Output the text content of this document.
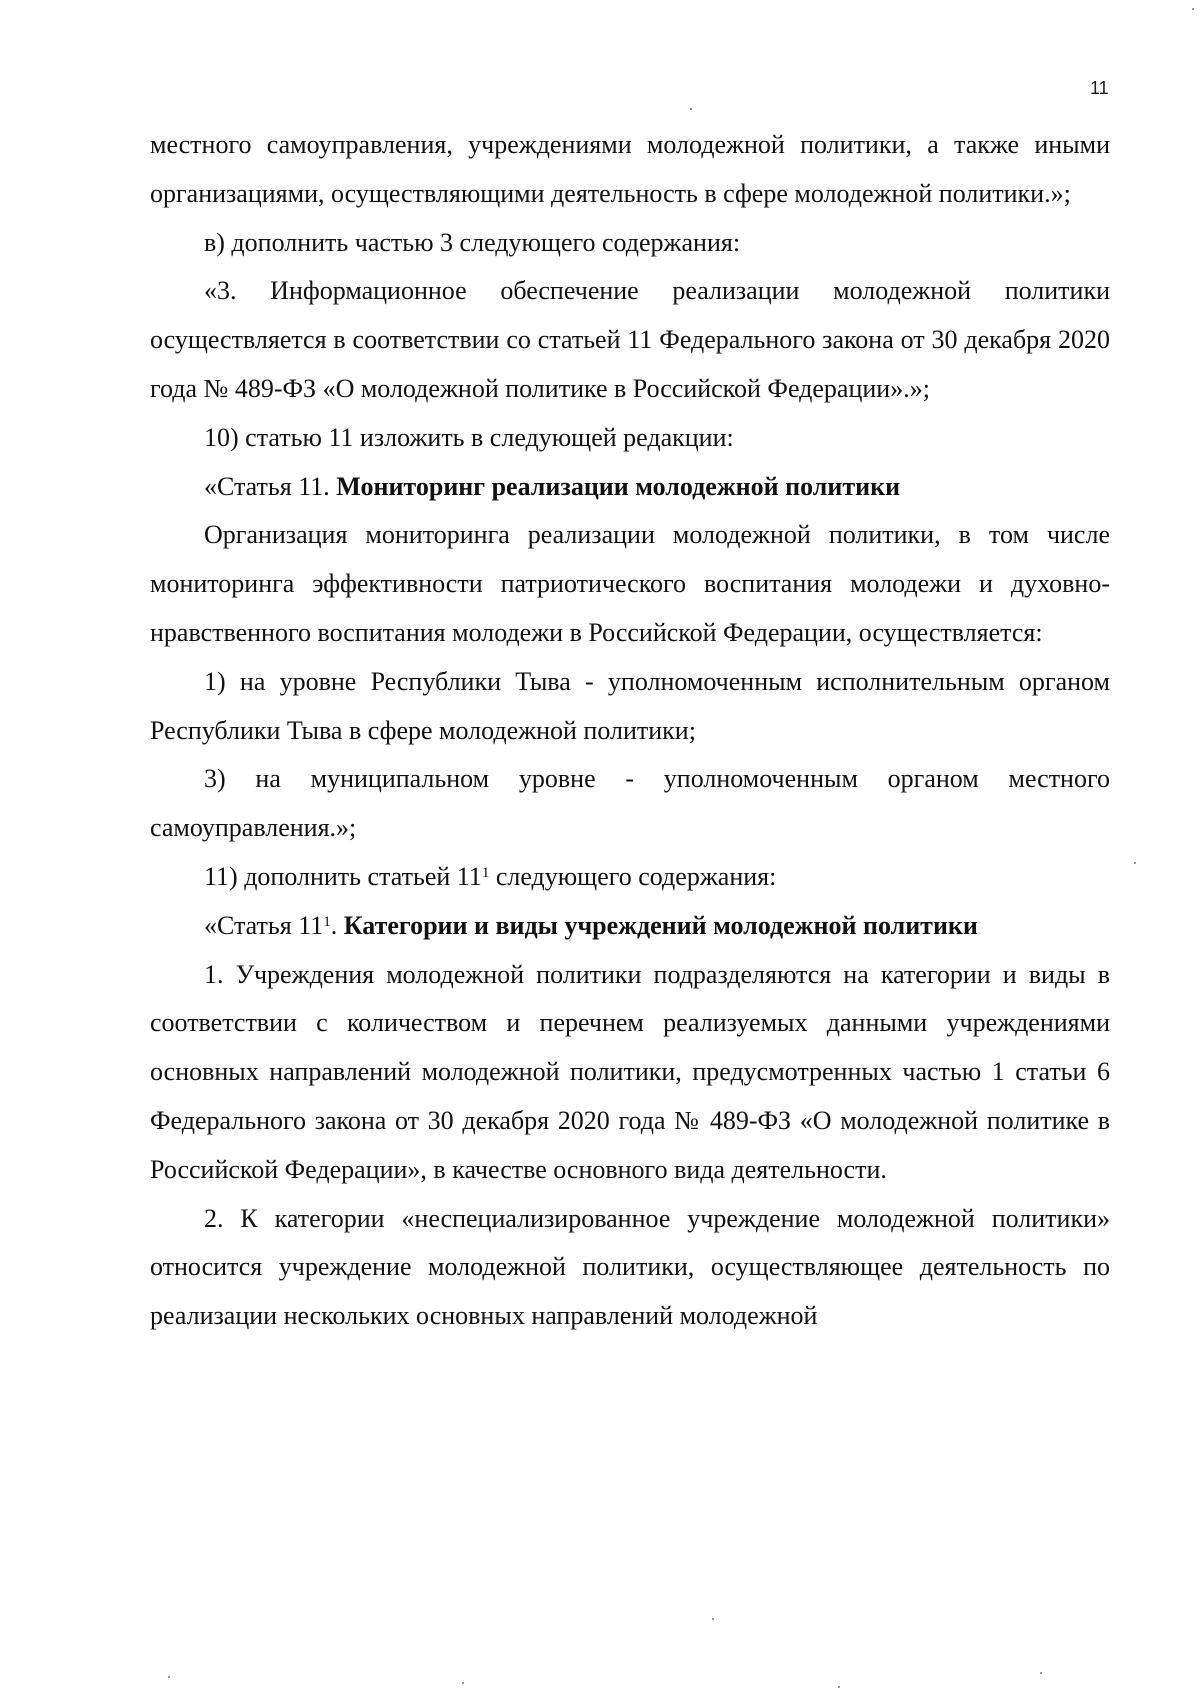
11

местного самоуправления, учреждениями молодежной политики, а также иными организациями, осуществляющими деятельность в сфере молодежной политики.»;

в) дополнить частью 3 следующего содержания:

«3. Информационное обеспечение реализации молодежной политики осуществляется в соответствии со статьей 11 Федерального закона от 30 декабря 2020 года № 489-ФЗ «О молодежной политике в Российской Федерации».»;

10) статью 11 изложить в следующей редакции:

«Статья 11. Мониторинг реализации молодежной политики

Организация мониторинга реализации молодежной политики, в том числе мониторинга эффективности патриотического воспитания молодежи и духовно-нравственного воспитания молодежи в Российской Федерации, осуществляется:

1) на уровне Республики Тыва - уполномоченным исполнительным органом Республики Тыва в сфере молодежной политики;

3) на муниципальном уровне - уполномоченным органом местного самоуправления.»;

11) дополнить статьей $11^1$ следующего содержания:

«Статья $11^1$. Категории и виды учреждений молодежной политики

1. Учреждения молодежной политики подразделяются на категории и виды в соответствии с количеством и перечнем реализуемых данными учреждениями основных направлений молодежной политики, предусмотренных частью 1 статьи 6 Федерального закона от 30 декабря 2020 года № 489-ФЗ «О молодежной политике в Российской Федерации», в качестве основного вида деятельности.

2. К категории «неспециализированное учреждение молодежной политики» относится учреждение молодежной политики, осуществляющее деятельность по реализации нескольких основных направлений молодежной
